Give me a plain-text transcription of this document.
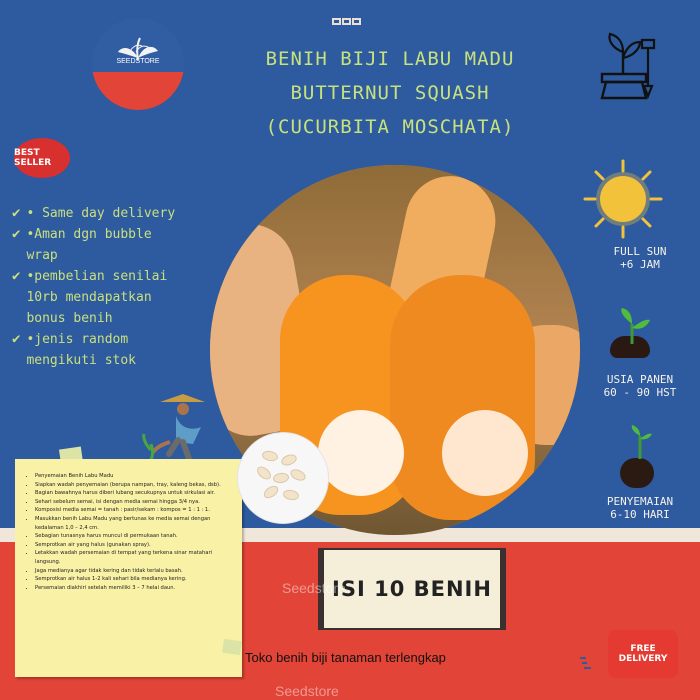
SEEDSTORE	BENIH BIJI LABU MADU
BUTTERNUT SQUASH
(CUCURBITA MOSCHATA)
BEST SELLER
✔ • Same day delivery
✔ •Aman dgn bubble wrap
✔ •pembelian senilai 10rb mendapatkan bonus benih
✔ •jenis random mengikuti stok
FULL SUN
+6 JAM
USIA PANEN
60 - 90 HST
PENYEMAIAN
6-10 HARI
• Penyemaian Benih Labu Madu
• Siapkan wadah penyemaian (berupa nampan, tray, kaleng bekas, dsb).
• Bagian bawahnya harus diberi lubang secukupnya untuk sirkulasi air.
• Sehari sebelum semai, isi dengan media semai hingga 3/4 nya.
• Komposisi media semai = tanah : pasir/sekam : kompos = 1 : 1 : 1.
• Masukkan benih Labu Madu yang bertunas ke media semai dengan kedalaman 1,0 – 2,4 cm.
• Sebagian tunasnya harus muncul di permukaan tanah.
• Semprotkan air yang halus (gunakan spray).
• Letakkan wadah persemaian di tempat yang terkena sinar matahari langsung.
• Jaga medianya agar tidak kering dan tidak terlalu basah.
• Semprotkan air halus 1-2 kali sehari bila medianya kering.
• Persemaian diakhiri setelah memiliki 3 – 7 helai daun.	ISI 10 BENIH
Seedstore
Toko benih biji tanaman terlengkap
Seedstore
FREE
DELIVERY
